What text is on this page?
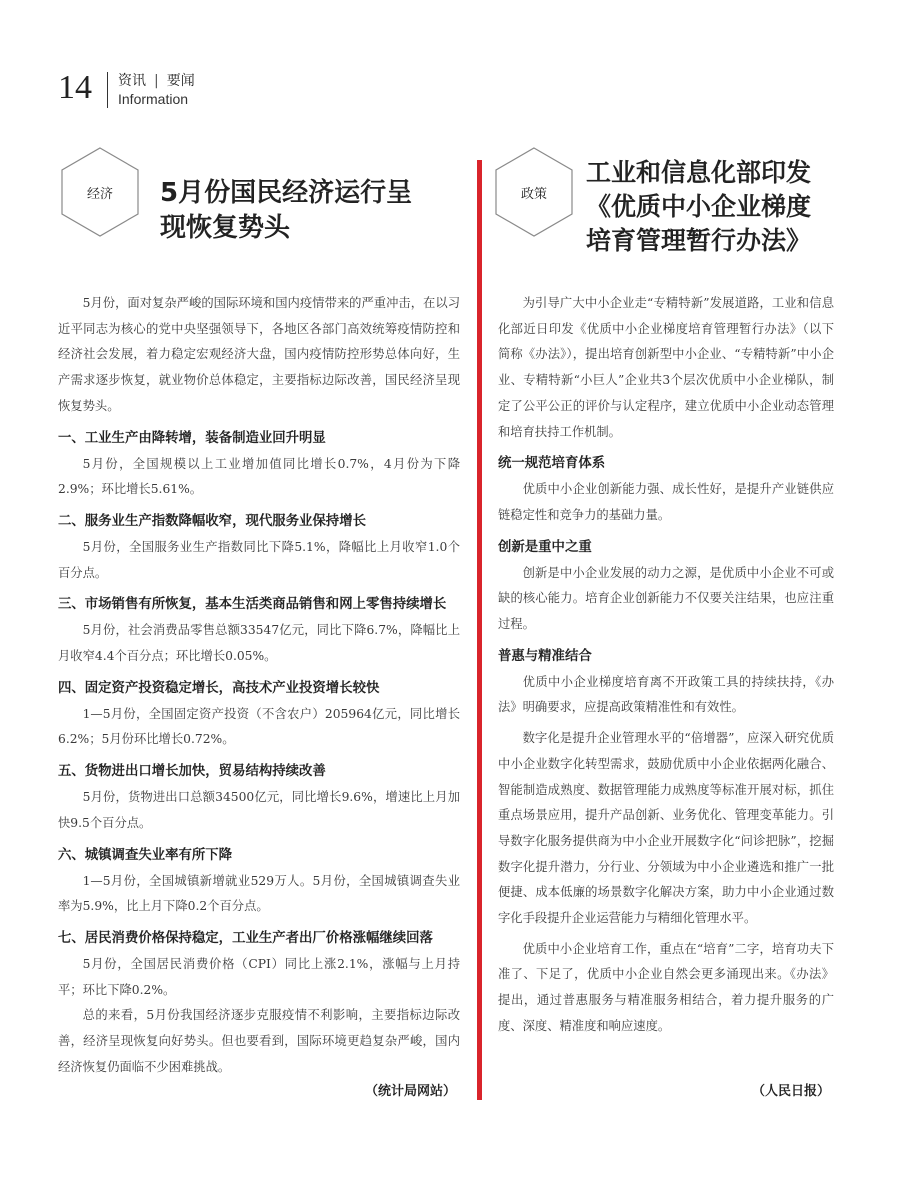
14 资讯 | 要闻
Information
经济	5月份国民经济运行呈
现恢复势头
政策
工业和信息化部印发
《优质中小企业梯度
培育管理暂行办法》

5月份，面对复杂严峻的国际环境和国内疫情带来的严重冲击，在以习近平同志为核心的党中央坚强领导下，各地区各部门高效统筹疫情防控和经济社会发展，着力稳定宏观经济大盘，国内疫情防控形势总体向好，生产需求逐步恢复，就业物价总体稳定，主要指标边际改善，国民经济呈现恢复势头。

一、工业生产由降转增，装备制造业回升明显

5月份，全国规模以上工业增加值同比增长0.7%，4月份为下降2.9%；环比增长5.61%。

二、服务业生产指数降幅收窄，现代服务业保持增长

5月份，全国服务业生产指数同比下降5.1%，降幅比上月收窄1.0个百分点。

三、市场销售有所恢复，基本生活类商品销售和网上零售持续增长

5月份，社会消费品零售总额33547亿元，同比下降6.7%，降幅比上月收窄4.4个百分点；环比增长0.05%。

四、固定资产投资稳定增长，高技术产业投资增长较快

1—5月份，全国固定资产投资（不含农户）205964亿元，同比增长6.2%；5月份环比增长0.72%。

五、货物进出口增长加快，贸易结构持续改善

5月份，货物进出口总额34500亿元，同比增长9.6%，增速比上月加快9.5个百分点。

六、城镇调查失业率有所下降

1—5月份，全国城镇新增就业529万人。5月份，全国城镇调查失业率为5.9%，比上月下降0.2个百分点。

七、居民消费价格保持稳定，工业生产者出厂价格涨幅继续回落

5月份，全国居民消费价格（CPI）同比上涨2.1%，涨幅与上月持平；环比下降0.2%。

总的来看，5月份我国经济逐步克服疫情不利影响，主要指标边际改善，经济呈现恢复向好势头。但也要看到，国际环境更趋复杂严峻，国内经济恢复仍面临不少困难挑战。

（统计局网站）

为引导广大中小企业走“专精特新”发展道路，工业和信息化部近日印发《优质中小企业梯度培育管理暂行办法》（以下简称《办法》），提出培育创新型中小企业、“专精特新”中小企业、专精特新“小巨人”企业共3个层次优质中小企业梯队，制定了公平公正的评价与认定程序，建立优质中小企业动态管理和培育扶持工作机制。

统一规范培育体系

优质中小企业创新能力强、成长性好，是提升产业链供应链稳定性和竞争力的基础力量。

创新是重中之重

创新是中小企业发展的动力之源，是优质中小企业不可或缺的核心能力。培育企业创新能力不仅要关注结果，也应注重过程。

普惠与精准结合

优质中小企业梯度培育离不开政策工具的持续扶持，《办法》明确要求，应提高政策精准性和有效性。

数字化是提升企业管理水平的“倍增器”，应深入研究优质中小企业数字化转型需求，鼓励优质中小企业依据两化融合、智能制造成熟度、数据管理能力成熟度等标准开展对标，抓住重点场景应用，提升产品创新、业务优化、管理变革能力。引导数字化服务提供商为中小企业开展数字化“问诊把脉”，挖掘数字化提升潜力，分行业、分领域为中小企业遴选和推广一批便捷、成本低廉的场景数字化解决方案，助力中小企业通过数字化手段提升企业运营能力与精细化管理水平。

优质中小企业培育工作，重点在“培育”二字，培育功夫下准了、下足了，优质中小企业自然会更多涌现出来。《办法》提出，通过普惠服务与精准服务相结合，着力提升服务的广度、深度、精准度和响应速度。

（人民日报）
